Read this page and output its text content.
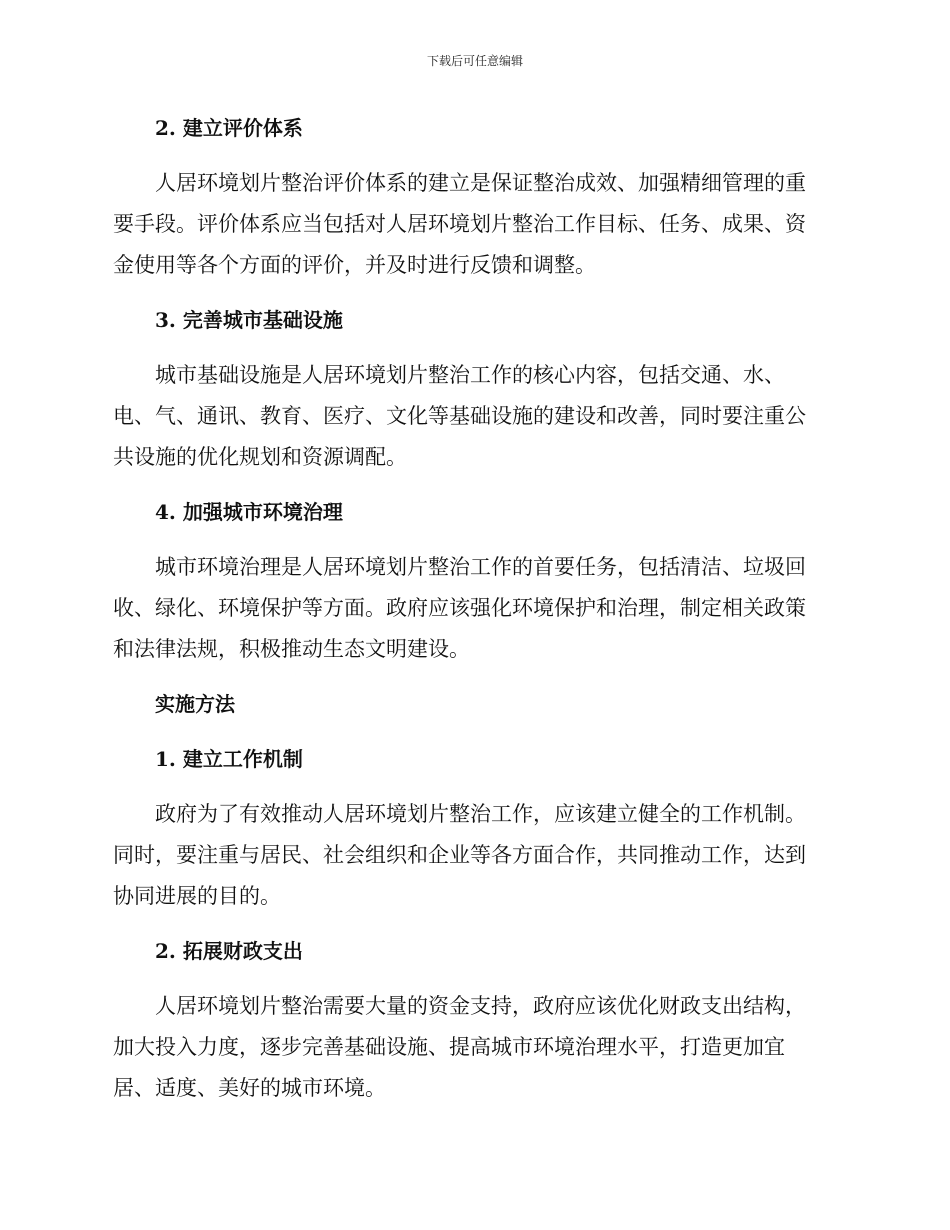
下载后可任意编辑
2. 建立评价体系
人居环境划片整治评价体系的建立是保证整治成效、加强精细管理的重
要手段。评价体系应当包括对人居环境划片整治工作目标、任务、成果、资
金使用等各个方面的评价，并及时进行反馈和调整。
3. 完善城市基础设施
城市基础设施是人居环境划片整治工作的核心内容，包括交通、水、
电、气、通讯、教育、医疗、文化等基础设施的建设和改善，同时要注重公
共设施的优化规划和资源调配。
4. 加强城市环境治理
城市环境治理是人居环境划片整治工作的首要任务，包括清洁、垃圾回
收、绿化、环境保护等方面。政府应该强化环境保护和治理，制定相关政策
和法律法规，积极推动生态文明建设。
实施方法
1. 建立工作机制
政府为了有效推动人居环境划片整治工作，应该建立健全的工作机制。
同时，要注重与居民、社会组织和企业等各方面合作，共同推动工作，达到
协同进展的目的。
2. 拓展财政支出
人居环境划片整治需要大量的资金支持，政府应该优化财政支出结构，
加大投入力度，逐步完善基础设施、提高城市环境治理水平，打造更加宜
居、适度、美好的城市环境。
